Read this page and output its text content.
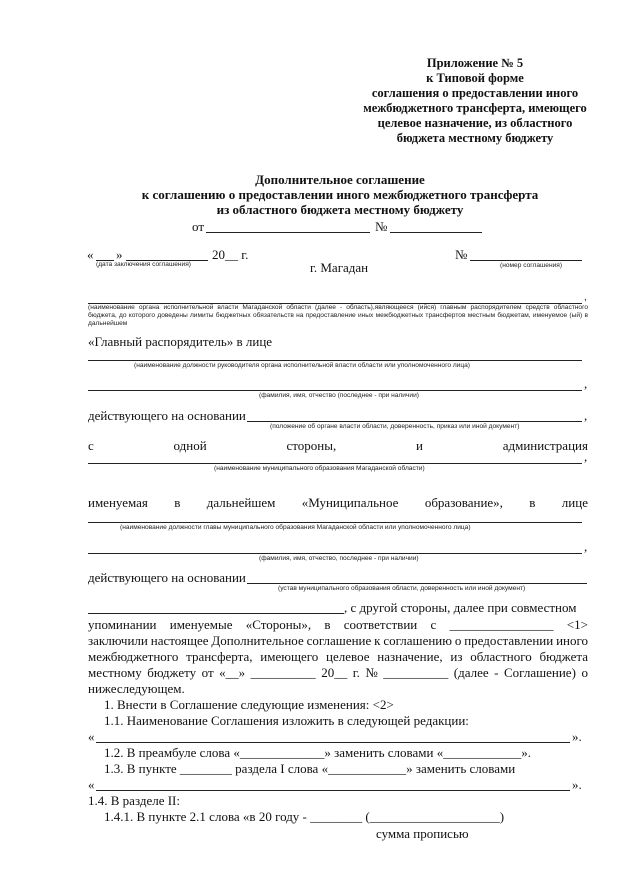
Приложение № 5
к Типовой форме
соглашения о предоставлении иного
межбюджетного трансферта, имеющего
целевое назначение, из областного
бюджета местному бюджету
Дополнительное соглашение
к соглашению о предоставлении иного межбюджетного трансферта
из областного бюджета местному бюджету
от	№
« »	20__ г.
(дата заключения соглашения)	г. Магадан
№
(номер соглашения)
,
(наименование органа исполнительной власти Магаданской области (далее - область),являющееся (ийся) главным распорядителем средств областного бюджета, до которого доведены лимиты бюджетных обязательств на предоставление иных межбюджетных трансфертов местным бюджетам, именуемое (ый) в дальнейшем
«Главный распорядитель» в лице
(наименование должности руководителя органа исполнительной власти области или уполномоченного лица)
,
(фамилия, имя, отчество (последнее - при наличии)
действующего на основании	,
(положение об органе власти области, доверенность, приказ или иной документ)
с	одной	стороны,	и	администрация
,
(наименование муниципального образования Магаданской области)
именуемая в дальнейшем «Муниципальное образование», в лице
(наименование должности главы муниципального образования Магаданской области или уполномоченного лица)
,
(фамилия, имя, отчество, последнее - при наличии)
действующего на основании
(устав муниципального образования области, доверенность или иной документ)
, с другой стороны, далее при совместном
упоминании именуемые «Стороны», в соответствии с ________________ <1>
заключили настоящее Дополнительное соглашение к соглашению о предоставлении иного
межбюджетного трансферта, имеющего целевое назначение, из областного бюджета
местному бюджету от «__» __________ 20__ г. № __________ (далее - Соглашение) о
нижеследующем.
1. Внести в Соглашение следующие изменения: <2>
1.1. Наименование Соглашения изложить в следующей редакции:
«	».
1.2. В преамбуле слова «_____________» заменить словами «____________».
1.3. В пункте ________ раздела I слова «____________» заменить словами
«	».
1.4. В разделе II:
1.4.1. В пункте 2.1 слова «в 20 году - ________ (____________________)
сумма прописью
